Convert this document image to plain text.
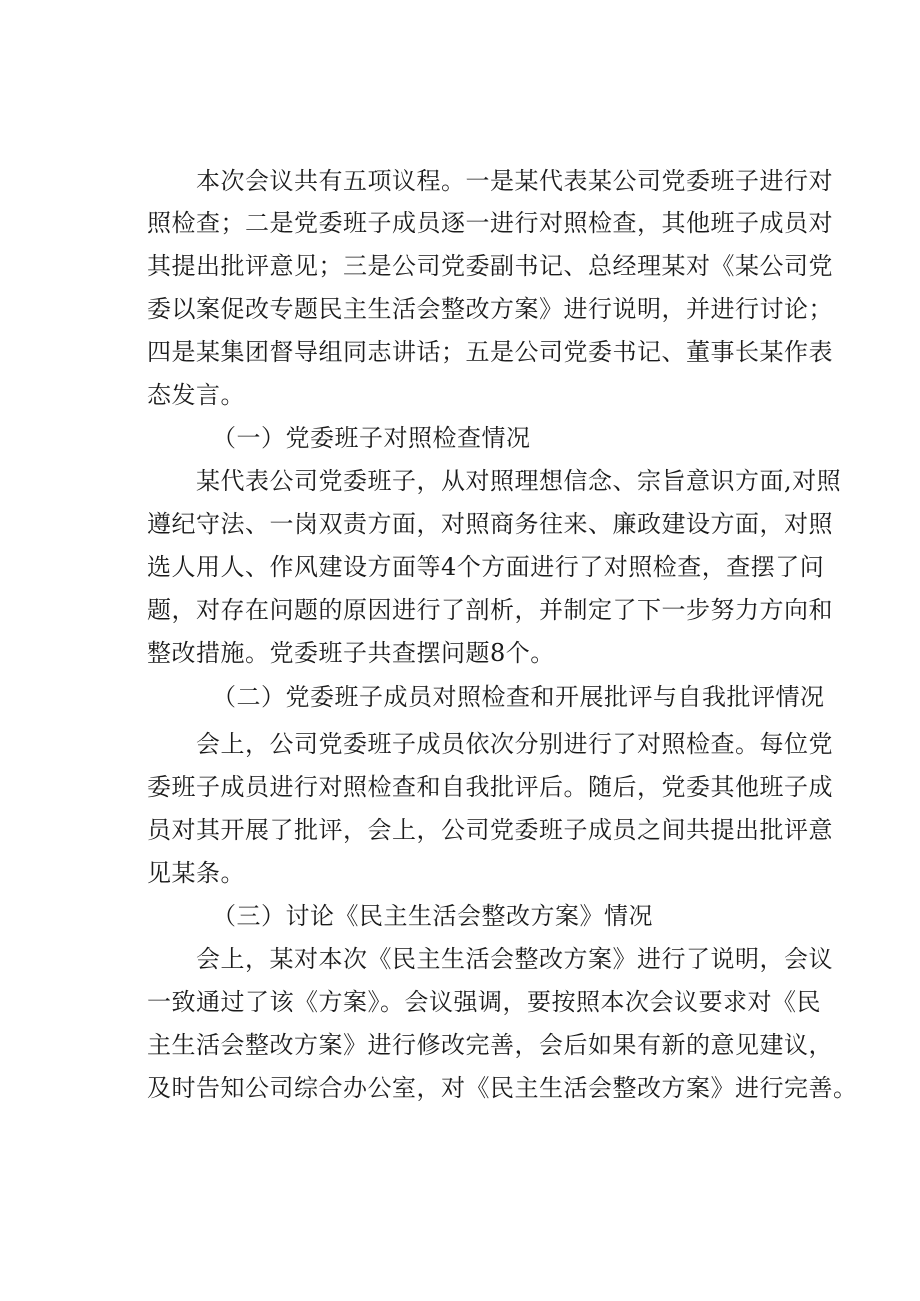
本次会议共有五项议程。一是某代表某公司党委班子进行对
照检查；二是党委班子成员逐一进行对照检查，其他班子成员对
其提出批评意见；三是公司党委副书记、总经理某对《某公司党
委以案促改专题民主生活会整改方案》进行说明，并进行讨论；
四是某集团督导组同志讲话；五是公司党委书记、董事长某作表
态发言。
（一）党委班子对照检查情况
某代表公司党委班子，从对照理想信念、宗旨意识方面,对照
遵纪守法、一岗双责方面，对照商务往来、廉政建设方面，对照
选人用人、作风建设方面等4个方面进行了对照检查，查摆了问
题，对存在问题的原因进行了剖析，并制定了下一步努力方向和
整改措施。党委班子共查摆问题8个。
（二）党委班子成员对照检查和开展批评与自我批评情况
会上，公司党委班子成员依次分别进行了对照检查。每位党
委班子成员进行对照检查和自我批评后。随后，党委其他班子成
员对其开展了批评，会上，公司党委班子成员之间共提出批评意
见某条。
（三）讨论《民主生活会整改方案》情况
会上，某对本次《民主生活会整改方案》进行了说明，会议
一致通过了该《方案》。会议强调，要按照本次会议要求对《民
主生活会整改方案》进行修改完善，会后如果有新的意见建议，
及时告知公司综合办公室，对《民主生活会整改方案》进行完善。
